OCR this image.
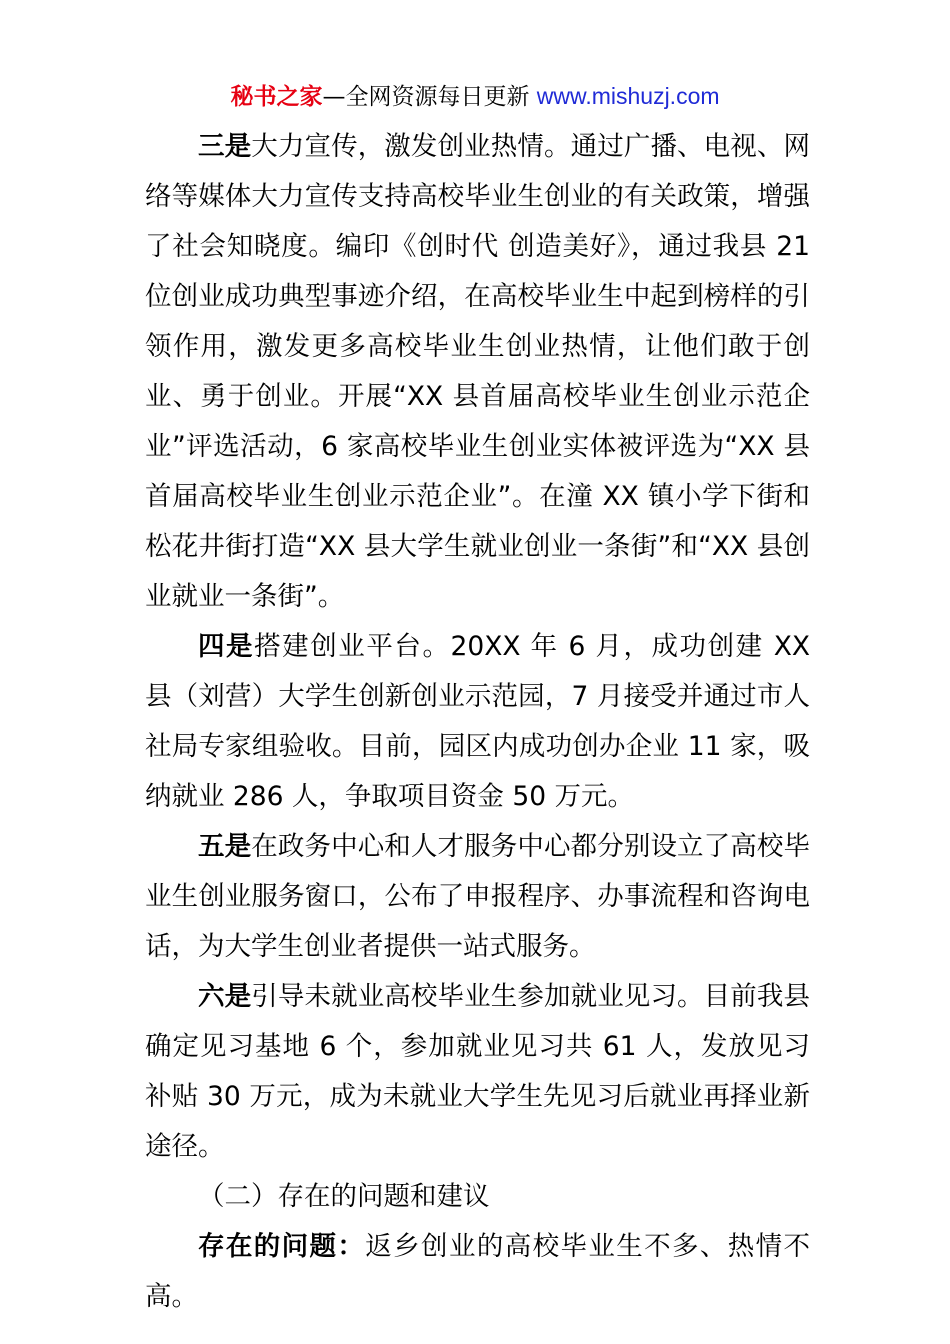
秘书之家—全网资源每日更新 www.mishuzj.com

三是大力宣传，激发创业热情。通过广播、电视、网络等媒体大力宣传支持高校毕业生创业的有关政策，增强了社会知晓度。编印《创时代 创造美好》，通过我县 21 位创业成功典型事迹介绍，在高校毕业生中起到榜样的引领作用，激发更多高校毕业生创业热情，让他们敢于创业、勇于创业。开展“XX 县首届高校毕业生创业示范企业”评选活动，6 家高校毕业生创业实体被评选为“XX 县首届高校毕业生创业示范企业”。在潼 XX 镇小学下街和松花井街打造“XX 县大学生就业创业一条街”和“XX 县创业就业一条街”。

四是搭建创业平台。20XX 年 6 月，成功创建 XX 县（刘营）大学生创新创业示范园，7 月接受并通过市人社局专家组验收。目前，园区内成功创办企业 11 家，吸纳就业 286 人，争取项目资金 50 万元。

五是在政务中心和人才服务中心都分别设立了高校毕业生创业服务窗口，公布了申报程序、办事流程和咨询电话，为大学生创业者提供一站式服务。

六是引导未就业高校毕业生参加就业见习。目前我县确定见习基地 6 个，参加就业见习共 61 人，发放见习补贴 30 万元，成为未就业大学生先见习后就业再择业新途径。

（二）存在的问题和建议

存在的问题：返乡创业的高校毕业生不多、热情不高。
